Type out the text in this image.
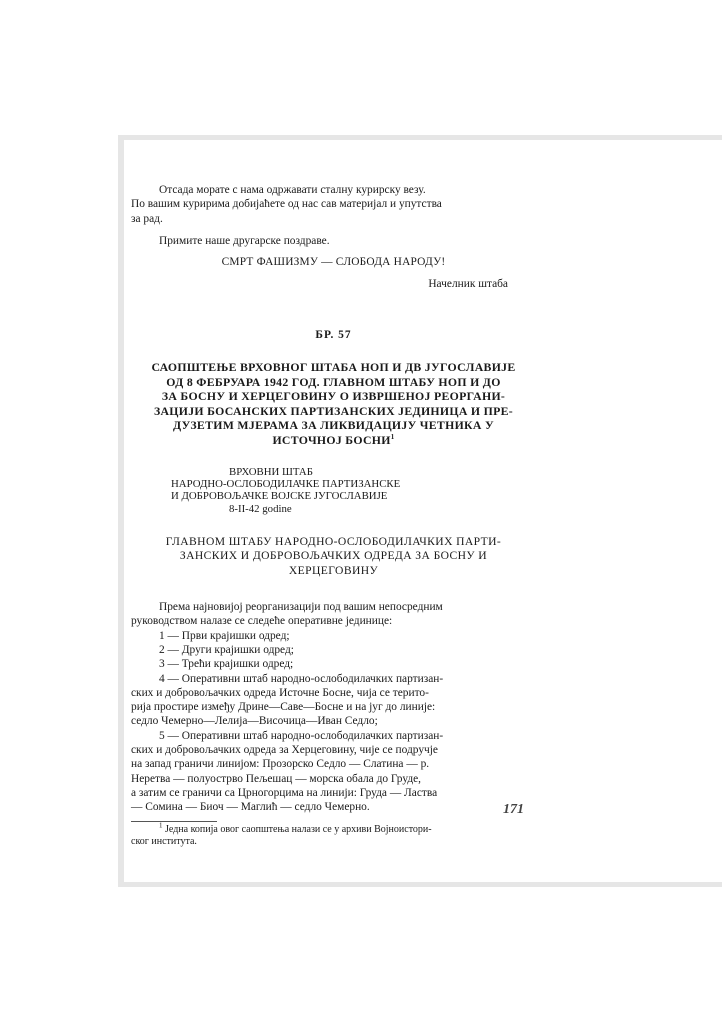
Отсада морате с нама одржавати сталну курирску везу.

По вашим куририма добијаћете од нас сав материјал и упутства

за рад.

Примите наше другарске поздраве.

СМРТ ФАШИЗМУ — СЛОБОДА НАРОДУ!

Начелник штаба

БР. 57

САОПШТЕЊЕ ВРХОВНОГ ШТАБА НОП И ДВ ЈУГОСЛАВИЈЕ

ОД 8 ФЕБРУАРА 1942 ГОД. ГЛАВНОМ ШТАБУ НОП И ДО

ЗА БОСНУ И ХЕРЦЕГОВИНУ О ИЗВРШЕНОЈ РЕОРГАНИ-

ЗАЦИЈИ БОСАНСКИХ ПАРТИЗАНСКИХ ЈЕДИНИЦА И ПРЕ-

ДУЗЕТИМ МЈЕРАМА ЗА ЛИКВИДАЦИЈУ ЧЕТНИКА У

ИСТОЧНОЈ БОСНИ$^1$

ВРХОВНИ ШТАБ

НАРОДНО-ОСЛОБОДИЛАЧКЕ ПАРТИЗАНСКЕ

И ДОБРОВОЉАЧКЕ ВОЈСКЕ ЈУГОСЛАВИЈЕ

8-II-42 godine

ГЛАВНОМ ШТАБУ НАРОДНО-ОСЛОБОДИЛАЧКИХ ПАРТИ-

ЗАНСКИХ И ДОБРОВОЉАЧКИХ ОДРЕДА ЗА БОСНУ И

ХЕРЦЕГОВИНУ

Према најновијој реорганизацији под вашим непосредним

руководством налазе се слeдеће оперативне јединице:

1 — Први крајишки одред;

2 — Други крајишки одред;

3 — Трећи крајишки одред;

4 — Оперативни штаб народно-ослободилачких партизан-

ских и добровољачких одреда Источне Босне, чија се терито-

рија простире између Дрине—Саве—Босне и на југ до линије:

седло Чемерно—Лелија—Височица—Иван Седло;

5 — Оперативни штаб народно-ослободилачких партизан-

ских и добровољачких одреда за Херцеговину, чије се подручје

на запад граничи линијом: Прозорско Седло — Слатина — р.

Неретва — полуострво Пељешац — морска обала до Груде,

а затим се граничи са Црногорцима на линији: Груда — Ластва

— Сомина — Биоч — Маглић — седло Чемерно.

$^1$ Једна копија овог саопштења налази се у архиви Војноистори-

ског института.

171
